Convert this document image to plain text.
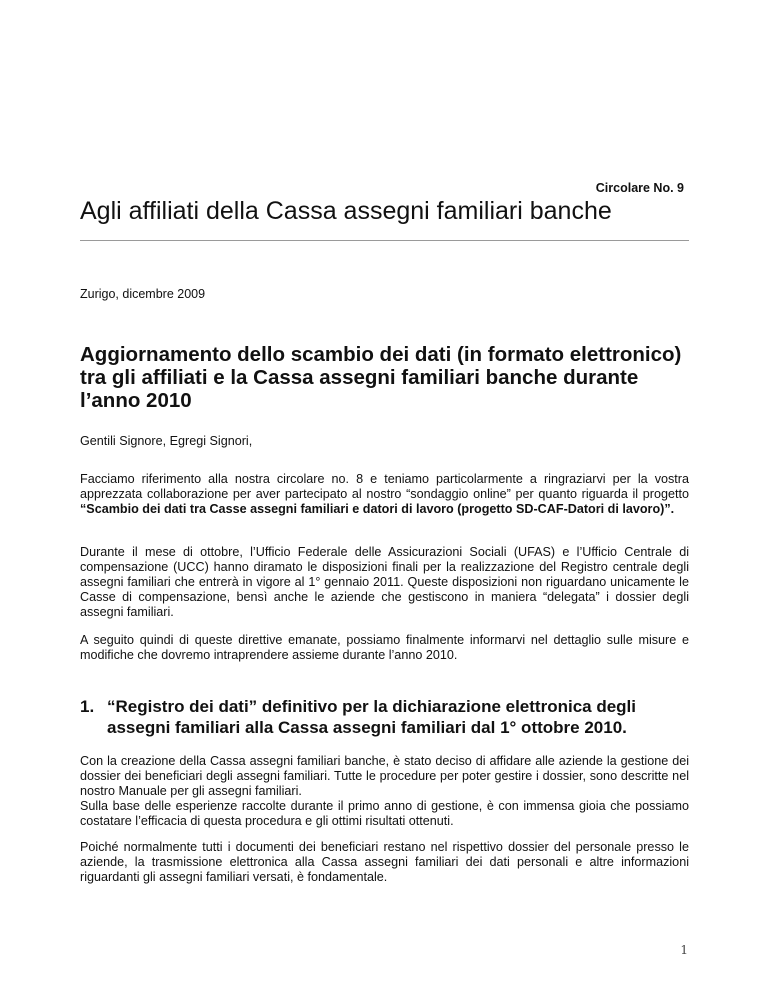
Circolare No. 9
Agli affiliati della Cassa assegni familiari banche
Zurigo, dicembre 2009
Aggiornamento dello scambio dei dati (in formato elettronico) tra gli affiliati e la Cassa assegni familiari banche durante l’anno 2010

Gentili Signore, Egregi Signori,

Facciamo riferimento alla nostra circolare no. 8 e teniamo particolarmente a ringraziarvi per la vostra apprezzata collaborazione per aver partecipato al nostro “sondaggio online” per quanto riguarda il progetto “Scambio dei dati tra Casse assegni familiari e datori di lavoro (progetto SD-CAF-Datori di lavoro)”.

Durante il mese di ottobre, l’Ufficio Federale delle Assicurazioni Sociali (UFAS) e l’Ufficio Centrale di compensazione (UCC) hanno diramato le disposizioni finali per la realizzazione del Registro centrale degli assegni familiari che entrerà in vigore al 1° gennaio 2011. Queste disposizioni non riguardano unicamente le Casse di compensazione, bensì anche le aziende che gestiscono in maniera “delegata” i dossier degli assegni familiari.

A seguito quindi di queste direttive emanate, possiamo finalmente informarvi nel dettaglio sulle misure e modifiche che dovremo intraprendere assieme durante l’anno 2010.

1. “Registro dei dati” definitivo per la dichiarazione elettronica degli assegni familiari alla Cassa assegni familiari dal 1° ottobre 2010.
Con la creazione della Cassa assegni familiari banche, è stato deciso di affidare alle aziende la gestione dei dossier dei beneficiari degli assegni familiari. Tutte le procedure per poter gestire i dossier, sono descritte nel nostro Manuale per gli assegni familiari.
Sulla base delle esperienze raccolte durante il primo anno di gestione, è con immensa gioia che possiamo costatare l’efficacia di questa procedura e gli ottimi risultati ottenuti.

Poiché normalmente tutti i documenti dei beneficiari restano nel rispettivo dossier del personale presso le aziende, la trasmissione elettronica alla Cassa assegni familiari dei dati personali e altre informazioni riguardanti gli assegni familiari versati, è fondamentale.

1
